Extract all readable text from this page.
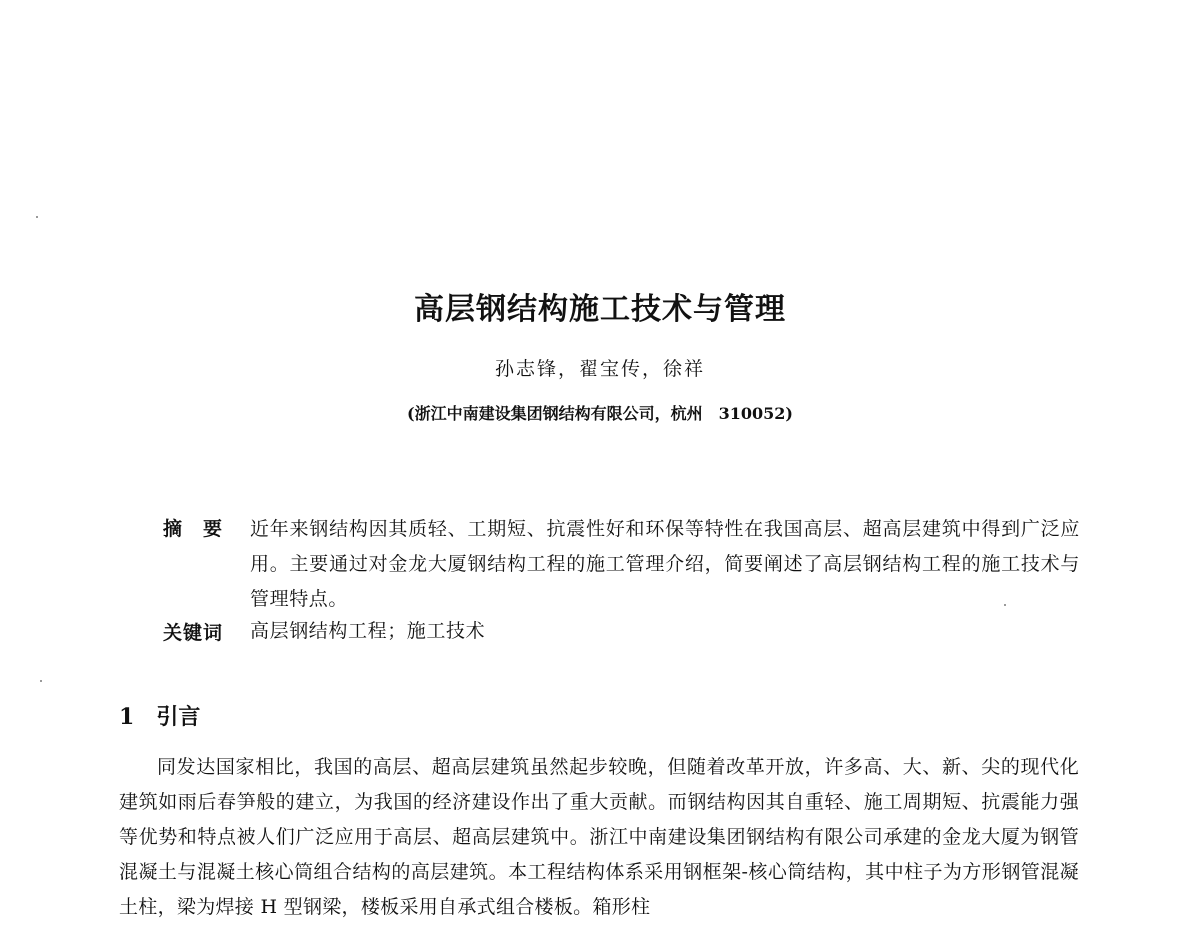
高层钢结构施工技术与管理
孙志锋，翟宝传，徐祥
(浙江中南建设集团钢结构有限公司，杭州　310052)
摘　要 近年来钢结构因其质轻、工期短、抗震性好和环保等特性在我国高层、超高层建筑中得到广泛应用。主要通过对金龙大厦钢结构工程的施工管理介绍，简要阐述了高层钢结构工程的施工技术与管理特点。
关键词 高层钢结构工程；施工技术
1 引言

同发达国家相比，我国的高层、超高层建筑虽然起步较晚，但随着改革开放，许多高、大、新、尖的现代化建筑如雨后春笋般的建立，为我国的经济建设作出了重大贡献。而钢结构因其自重轻、施工周期短、抗震能力强等优势和特点被人们广泛应用于高层、超高层建筑中。浙江中南建设集团钢结构有限公司承建的金龙大厦为钢管混凝土与混凝土核心筒组合结构的高层建筑。本工程结构体系采用钢框架-核心筒结构，其中柱子为方形钢管混凝土柱，梁为焊接 H 型钢梁，楼板采用自承式组合楼板。箱形柱
